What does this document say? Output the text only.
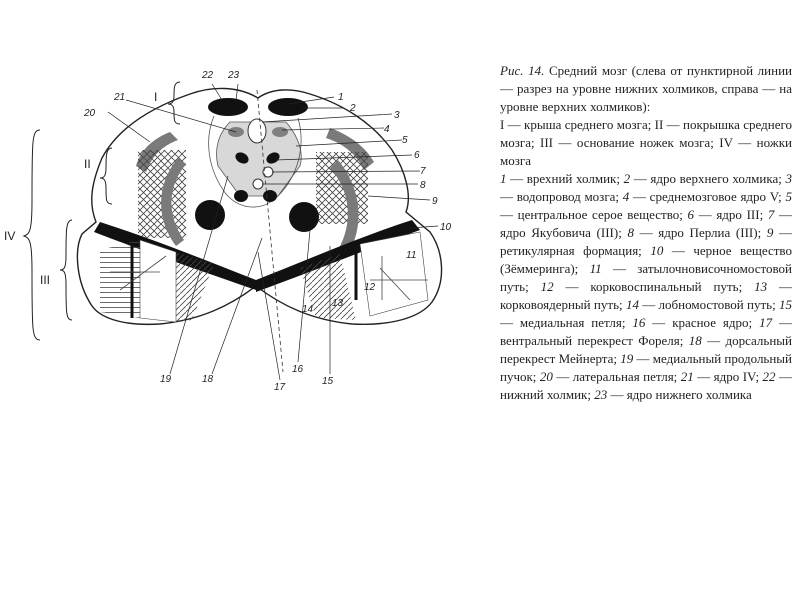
1
2
3
4
5
6
7
8
9
10
11
12
13
14
15
16
17
18
19
20
21
22 23
I
II
III
IV

Рис. 14. Средний мозг (слева от пунктирной линии — разрез на уровне нижних холмиков, справа — на уровне верхних холмиков):

I — крыша среднего мозга; II — покрышка среднего мозга; III — основание ножек мозга; IV — ножки мозга

1 — врехний холмик; 2 — ядро верхнего холмика; 3 — водопровод мозга; 4 — среднемозговое ядро V; 5 — центральное серое вещество; 6 — ядро III; 7 — ядро Якубовича (III); 8 — ядро Перлиа (III); 9 — ретикулярная формация; 10 — черное вещество (Зёммеринга); 11 — затылочновисочномостовой путь; 12 — корковоспинальный путь; 13 — корковоядерный путь; 14 — лобномостовой путь; 15 — медиальная петля; 16 — красное ядро; 17 — вентральный перекрест Фореля; 18 — дорсальный перекрест Мейнерта; 19 — медиальный продольный пучок; 20 — латеральная петля; 21 — ядро IV; 22 — нижний холмик; 23 — ядро нижнего холмика
